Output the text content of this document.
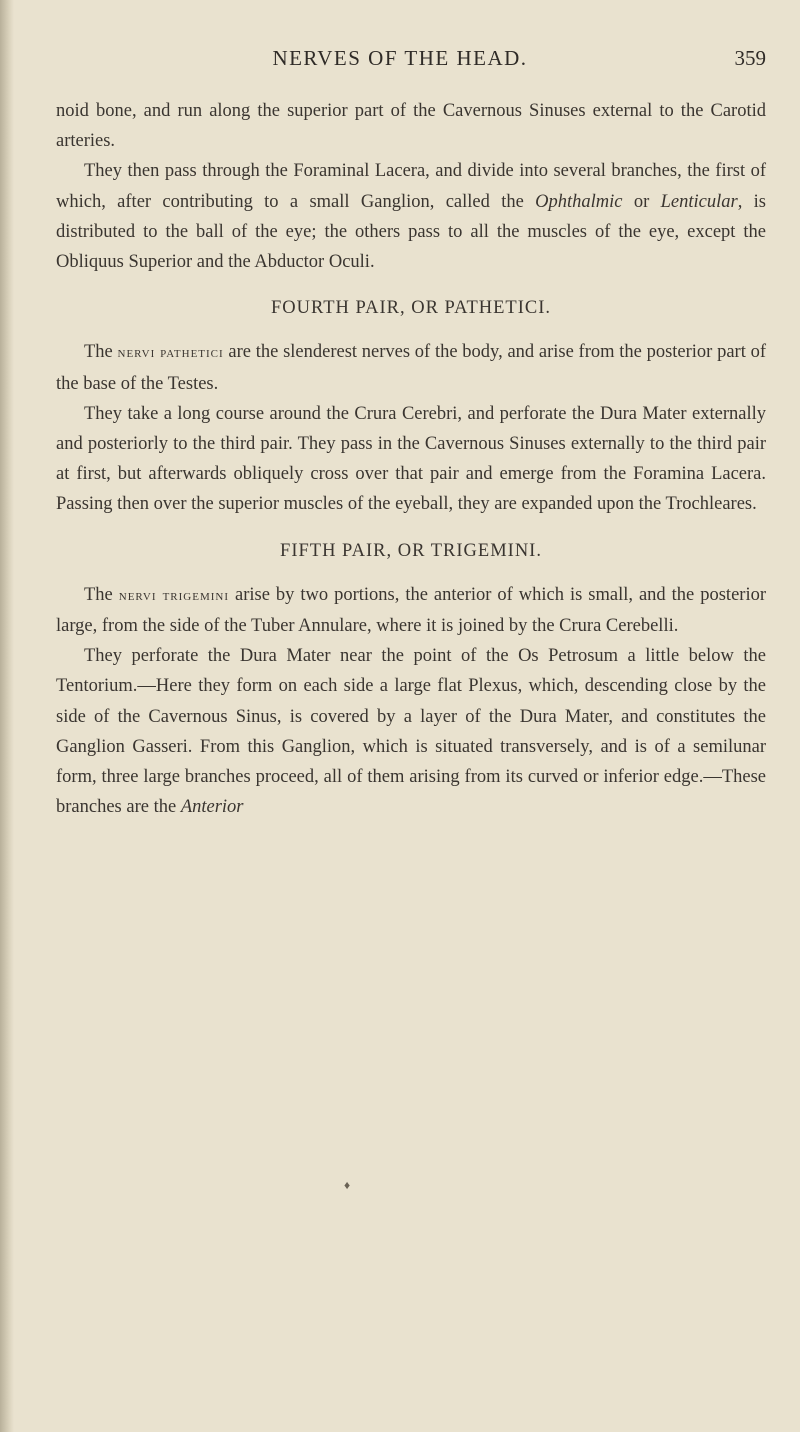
NERVES OF THE HEAD.	359

noid bone, and run along the superior part of the Cavernous Sinuses external to the Carotid arteries.

They then pass through the Foraminal Lacera, and divide into several branches, the first of which, after contributing to a small Ganglion, called the Ophthalmic or Lenticular, is distributed to the ball of the eye; the others pass to all the muscles of the eye, except the Obliquus Superior and the Abductor Oculi.

FOURTH PAIR, OR PATHETICI.

The nervi pathetici are the slenderest nerves of the body, and arise from the posterior part of the base of the Testes.

They take a long course around the Crura Cerebri, and perforate the Dura Mater externally and posteriorly to the third pair. They pass in the Cavernous Sinuses externally to the third pair at first, but afterwards obliquely cross over that pair and emerge from the Foramina Lacera. Passing then over the superior muscles of the eyeball, they are expanded upon the Trochleares.

FIFTH PAIR, OR TRIGEMINI.

The nervi trigemini arise by two portions, the anterior of which is small, and the posterior large, from the side of the Tuber Annulare, where it is joined by the Crura Cerebelli.

They perforate the Dura Mater near the point of the Os Petrosum a little below the Tentorium.—Here they form on each side a large flat Plexus, which, descending close by the side of the Cavernous Sinus, is covered by a layer of the Dura Mater, and constitutes the Ganglion Gasseri. From this Ganglion, which is situated transversely, and is of a semilunar form, three large branches proceed, all of them arising from its curved or inferior edge.—These branches are the Anterior

♦
